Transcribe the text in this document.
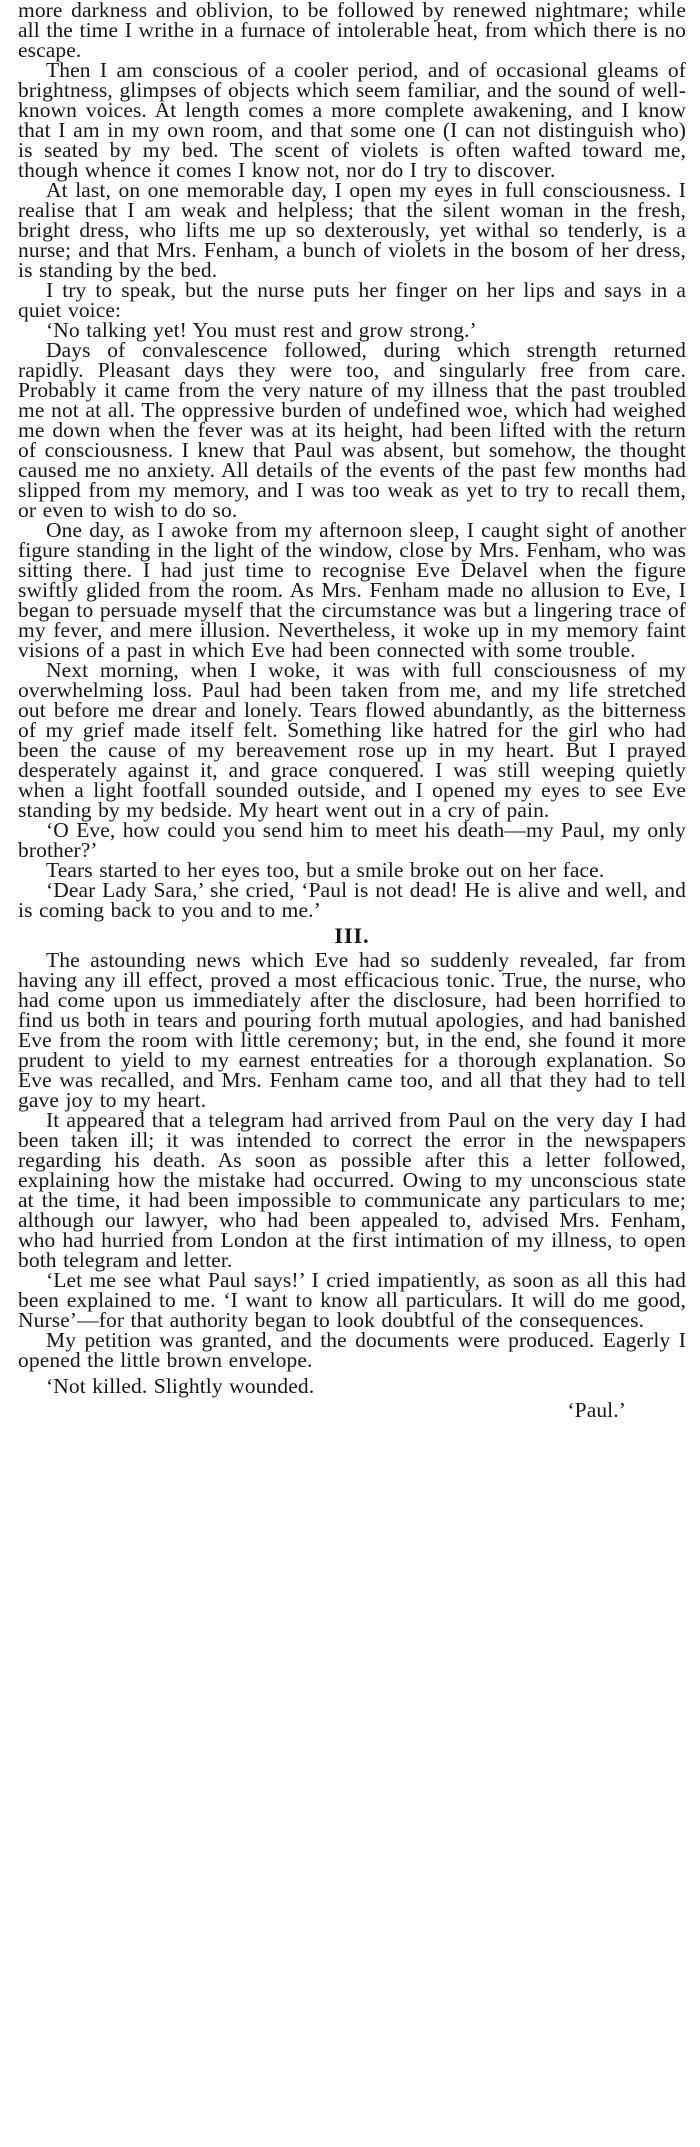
more darkness and oblivion, to be followed by renewed nightmare; while all the time I writhe in a furnace of intolerable heat, from which there is no escape.

Then I am conscious of a cooler period, and of occasional gleams of brightness, glimpses of objects which seem familiar, and the sound of well-known voices. At length comes a more complete awakening, and I know that I am in my own room, and that some one (I can not distinguish who) is seated by my bed. The scent of violets is often wafted toward me, though whence it comes I know not, nor do I try to discover.

At last, on one memorable day, I open my eyes in full consciousness. I realise that I am weak and helpless; that the silent woman in the fresh, bright dress, who lifts me up so dexterously, yet withal so tenderly, is a nurse; and that Mrs. Fenham, a bunch of violets in the bosom of her dress, is standing by the bed.

I try to speak, but the nurse puts her finger on her lips and says in a quiet voice:

‘No talking yet! You must rest and grow strong.’

Days of convalescence followed, during which strength returned rapidly. Pleasant days they were too, and singularly free from care. Probably it came from the very nature of my illness that the past troubled me not at all. The oppressive burden of undefined woe, which had weighed me down when the fever was at its height, had been lifted with the return of consciousness. I knew that Paul was absent, but somehow, the thought caused me no anxiety. All details of the events of the past few months had slipped from my memory, and I was too weak as yet to try to recall them, or even to wish to do so.

One day, as I awoke from my afternoon sleep, I caught sight of another figure standing in the light of the window, close by Mrs. Fenham, who was sitting there. I had just time to recognise Eve Delavel when the figure swiftly glided from the room. As Mrs. Fenham made no allusion to Eve, I began to persuade myself that the circumstance was but a lingering trace of my fever, and mere illusion. Nevertheless, it woke up in my memory faint visions of a past in which Eve had been connected with some trouble.

Next morning, when I woke, it was with full consciousness of my overwhelming loss. Paul had been taken from me, and my life stretched out before me drear and lonely. Tears flowed abundantly, as the bitterness of my grief made itself felt. Something like hatred for the girl who had been the cause of my bereavement rose up in my heart. But I prayed desperately against it, and grace conquered. I was still weeping quietly when a light footfall sounded outside, and I opened my eyes to see Eve standing by my bedside. My heart went out in a cry of pain.

‘O Eve, how could you send him to meet his death—my Paul, my only brother?’

Tears started to her eyes too, but a smile broke out on her face.

‘Dear Lady Sara,’ she cried, ‘Paul is not dead! He is alive and well, and is coming back to you and to me.’

III.

The astounding news which Eve had so suddenly revealed, far from having any ill effect, proved a most efficacious tonic. True, the nurse, who had come upon us immediately after the disclosure, had been horrified to find us both in tears and pouring forth mutual apologies, and had banished Eve from the room with little ceremony; but, in the end, she found it more prudent to yield to my earnest entreaties for a thorough explanation. So Eve was recalled, and Mrs. Fenham came too, and all that they had to tell gave joy to my heart.

It appeared that a telegram had arrived from Paul on the very day I had been taken ill; it was intended to correct the error in the newspapers regarding his death. As soon as possible after this a letter followed, explaining how the mistake had occurred. Owing to my unconscious state at the time, it had been impossible to communicate any particulars to me; although our lawyer, who had been appealed to, advised Mrs. Fenham, who had hurried from London at the first intimation of my illness, to open both telegram and letter.

‘Let me see what Paul says!’ I cried impatiently, as soon as all this had been explained to me. ‘I want to know all particulars. It will do me good, Nurse’—for that authority began to look doubtful of the consequences.

My petition was granted, and the documents were produced. Eagerly I opened the little brown envelope.

‘Not killed. Slightly wounded.

‘Paul.’
